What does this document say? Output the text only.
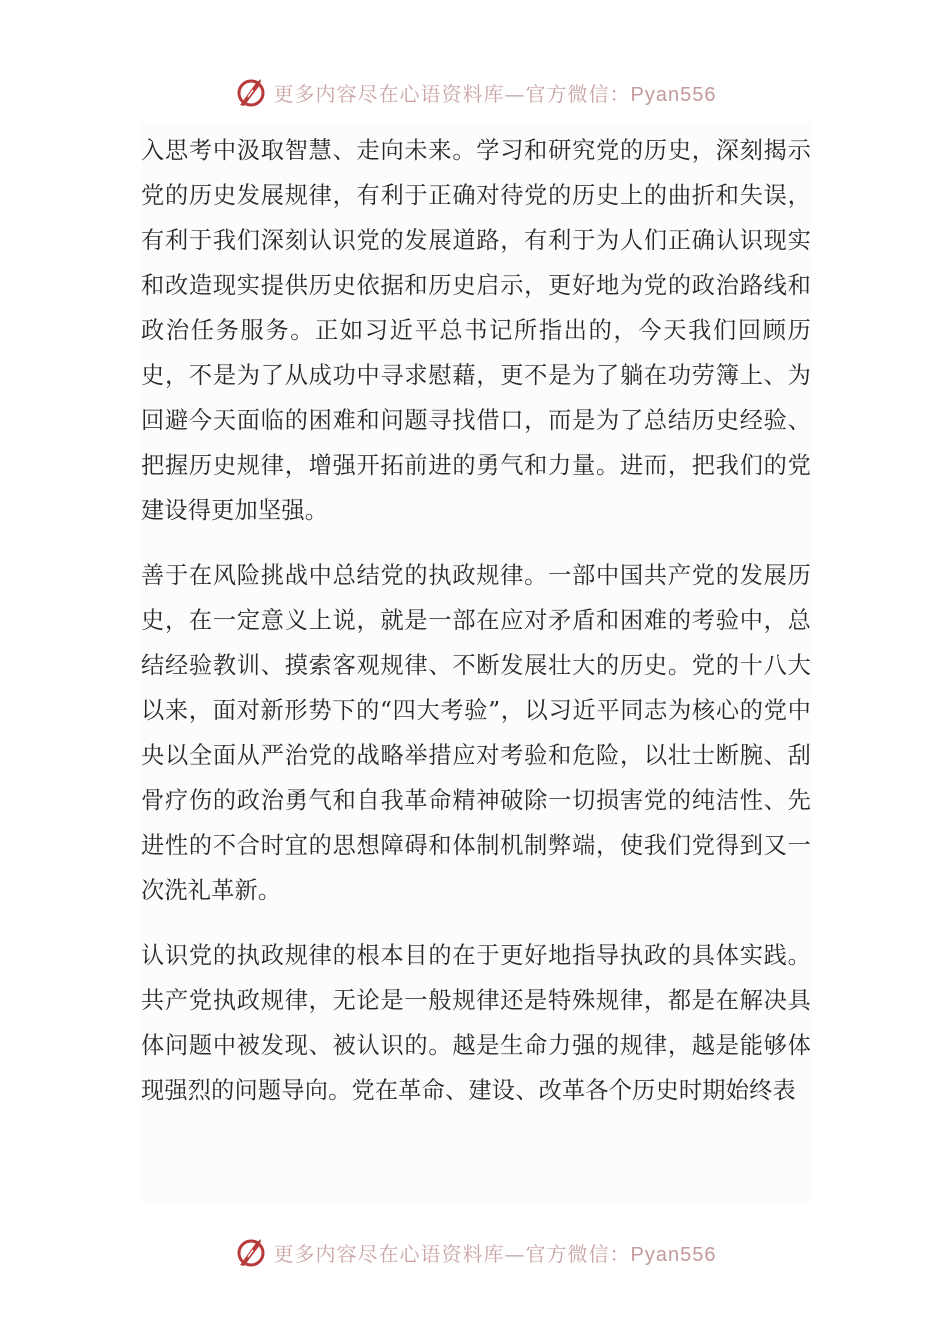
更多内容尽在心语资料库—官方微信：Pyan556

入思考中汲取智慧、走向未来。学习和研究党的历史，深刻揭示党的历史发展规律，有利于正确对待党的历史上的曲折和失误，有利于我们深刻认识党的发展道路，有利于为人们正确认识现实和改造现实提供历史依据和历史启示，更好地为党的政治路线和政治任务服务。正如习近平总书记所指出的，今天我们回顾历史，不是为了从成功中寻求慰藉，更不是为了躺在功劳簿上、为回避今天面临的困难和问题寻找借口，而是为了总结历史经验、把握历史规律，增强开拓前进的勇气和力量。进而，把我们的党建设得更加坚强。

善于在风险挑战中总结党的执政规律。一部中国共产党的发展历史，在一定意义上说，就是一部在应对矛盾和困难的考验中，总结经验教训、摸索客观规律、不断发展壮大的历史。党的十八大以来，面对新形势下的“四大考验”，以习近平同志为核心的党中央以全面从严治党的战略举措应对考验和危险，以壮士断腕、刮骨疗伤的政治勇气和自我革命精神破除一切损害党的纯洁性、先进性的不合时宜的思想障碍和体制机制弊端，使我们党得到又一次洗礼革新。

认识党的执政规律的根本目的在于更好地指导执政的具体实践。共产党执政规律，无论是一般规律还是特殊规律，都是在解决具体问题中被发现、被认识的。越是生命力强的规律，越是能够体现强烈的问题导向。党在革命、建设、改革各个历史时期始终表

更多内容尽在心语资料库—官方微信：Pyan556
